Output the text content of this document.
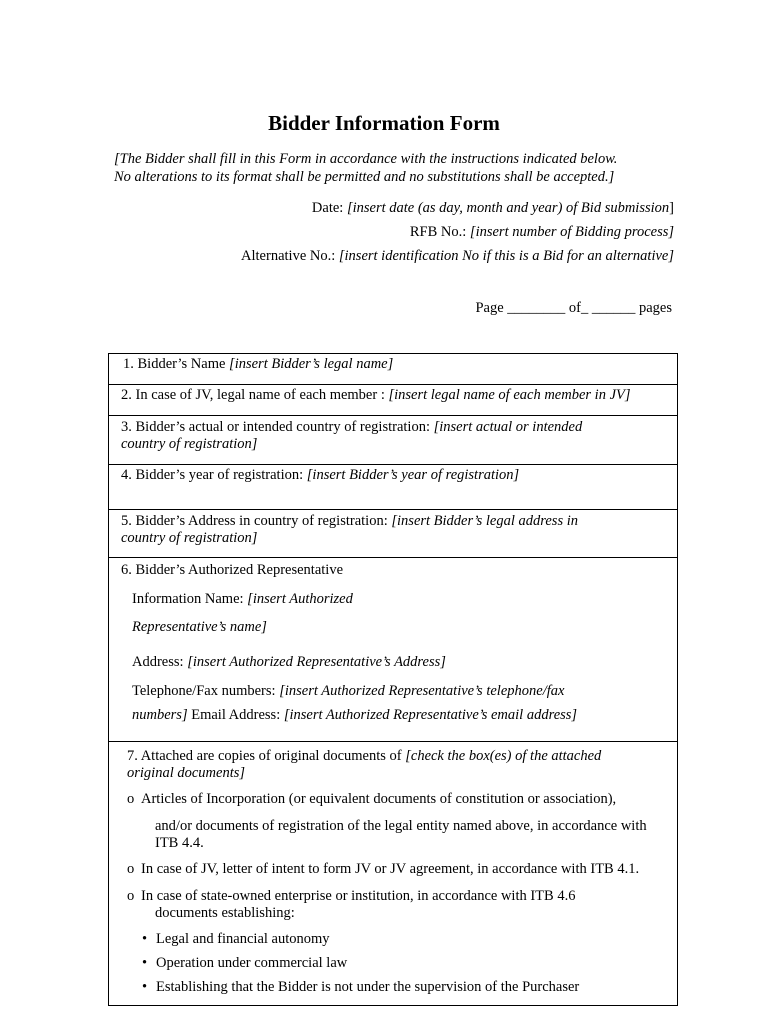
Bidder Information Form
[The Bidder shall fill in this Form in accordance with the instructions indicated below.
No alterations to its format shall be permitted and no substitutions shall be accepted.]
Date: [insert date (as day, month and year) of Bid submission]
RFB No.: [insert number of Bidding process]
Alternative No.: [insert identification No if this is a Bid for an alternative]
Page ________ of_ ______ pages
1. Bidder’s Name [insert Bidder’s legal name]

2. In case of JV, legal name of each member : [insert legal name of each member in JV]

3. Bidder’s actual or intended country of registration: [insert actual or intended
country of registration]

4. Bidder’s year of registration: [insert Bidder’s year of registration]

5. Bidder’s Address in country of registration: [insert Bidder’s legal address in
country of registration]

6. Bidder’s Authorized Representative
Information Name: [insert Authorized
Representative’s name]
Address: [insert Authorized Representative’s Address]
Telephone/Fax numbers: [insert Authorized Representative’s telephone/fax
numbers] Email Address: [insert Authorized Representative’s email address]

7. Attached are copies of original documents of [check the box(es) of the attached
original documents]
o Articles of Incorporation (or equivalent documents of constitution or association),
and/or documents of registration of the legal entity named above, in accordance with
ITB 4.4.
o In case of JV, letter of intent to form JV or JV agreement, in accordance with ITB 4.1.
o In case of state-owned enterprise or institution, in accordance with ITB 4.6
documents establishing:
• Legal and financial autonomy
• Operation under commercial law
• Establishing that the Bidder is not under the supervision of the Purchaser
